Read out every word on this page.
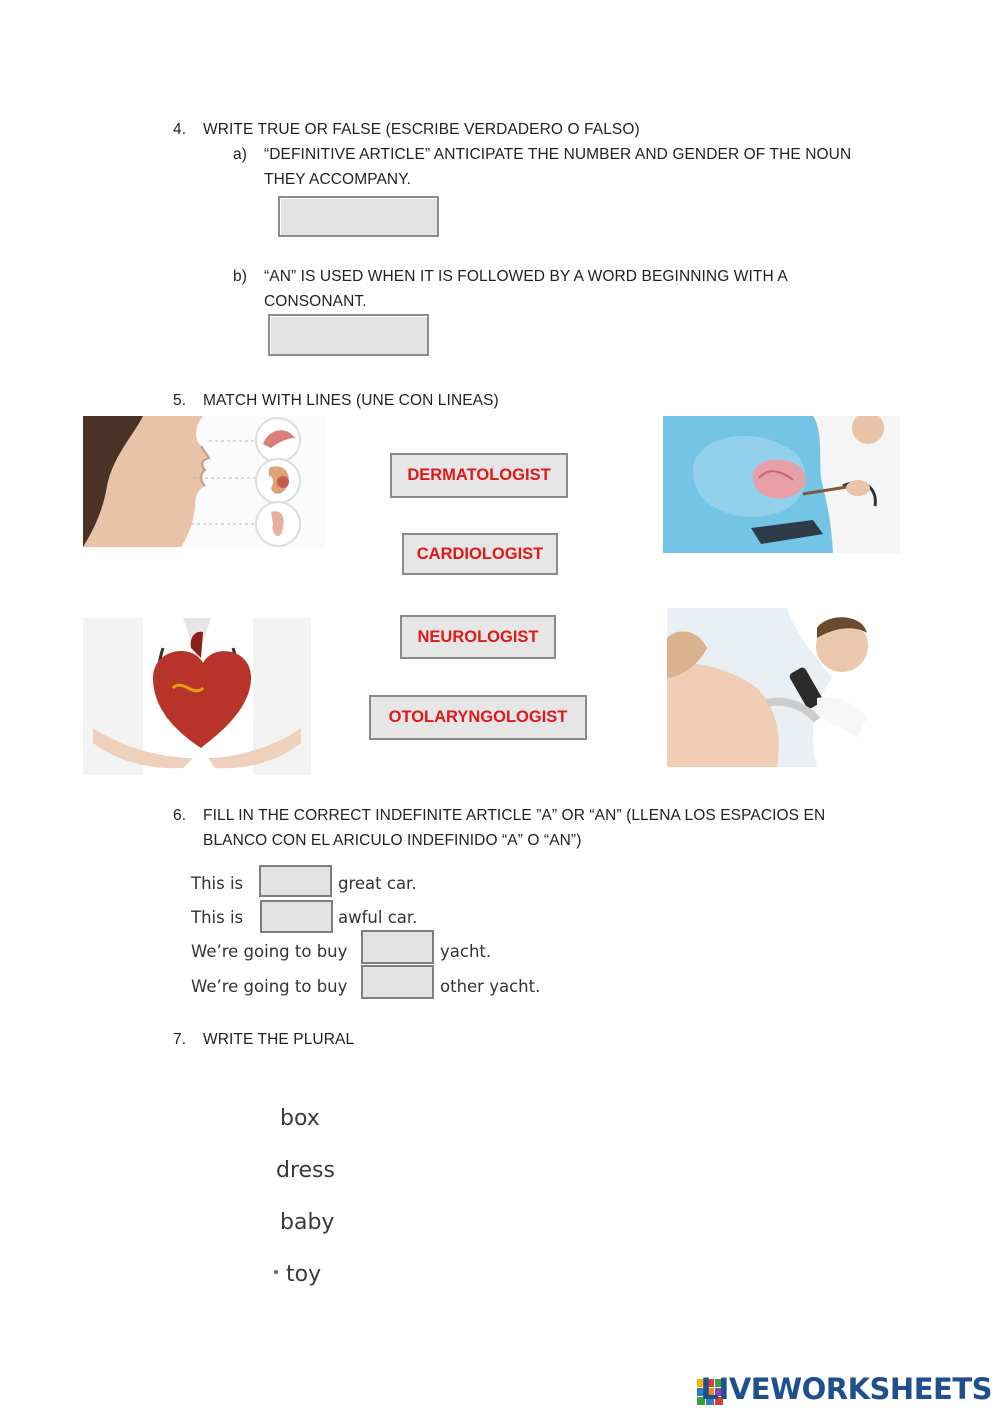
4. WRITE TRUE OR FALSE (ESCRIBE VERDADERO O FALSO)
a) “DEFINITIVE ARTICLE” ANTICIPATE THE NUMBER AND GENDER OF THE NOUN
THEY ACCOMPANY.
b) “AN” IS USED WHEN IT IS FOLLOWED BY A WORD BEGINNING WITH A
CONSONANT.
5. MATCH WITH LINES (UNE CON LINEAS)
DERMATOLOGIST
CARDIOLOGIST
NEUROLOGIST
OTOLARYNGOLOGIST
6. FILL IN THE CORRECT INDEFINITE ARTICLE ”A” OR “AN” (LLENA LOS ESPACIOS EN
BLANCO CON EL ARICULO INDEFINIDO “A” O “AN”)
This is	great car.
This is	awful car.
We’re going to buy	yacht.
We’re going to buy	other yacht.
7. WRITE THE PLURAL
box
dress
baby
toy
LIVEWORKSHEETS
